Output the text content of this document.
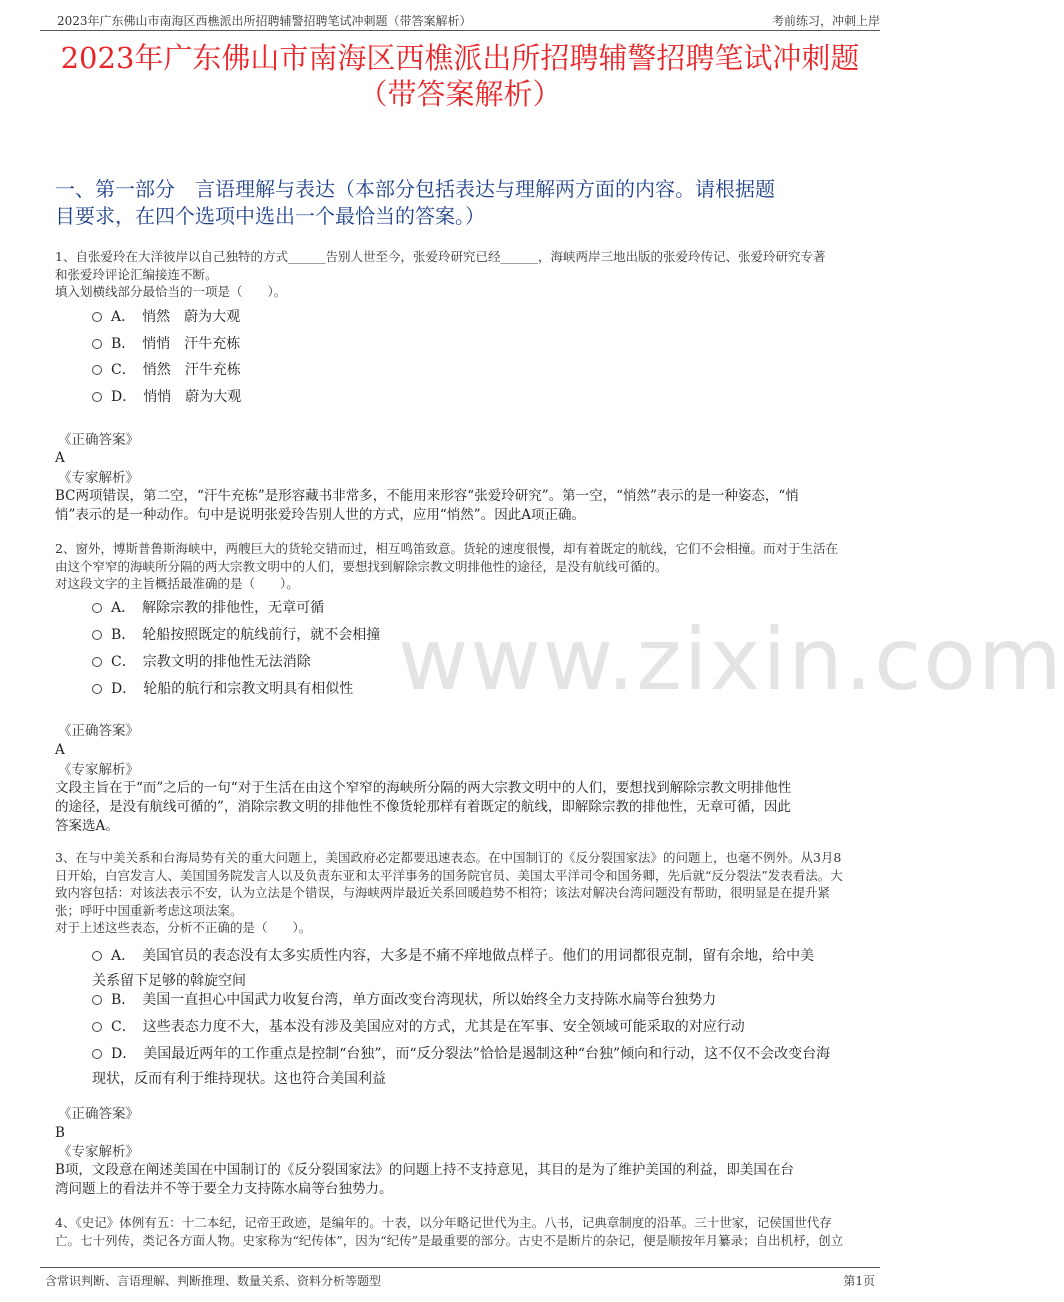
2023年广东佛山市南海区西樵派出所招聘辅警招聘笔试冲刺题（带答案解析）	考前练习，冲刺上岸
2023年广东佛山市南海区西樵派出所招聘辅警招聘笔试冲刺题
（带答案解析）
一、第一部分　言语理解与表达（本部分包括表达与理解两方面的内容。请根据题
目要求，在四个选项中选出一个最恰当的答案。）
www.zixin.com
1、自张爱玲在大洋彼岸以自己独特的方式______告别人世至今，张爱玲研究已经______，海峡两岸三地出版的张爱玲传记、张爱玲研究专著
和张爱玲评论汇编接连不断。
填入划横线部分最恰当的一项是（　　）。
A．　悄然　蔚为大观
B．　悄悄　汗牛充栋
C．　悄然　汗牛充栋
D．　悄悄　蔚为大观
《正确答案》
A
《专家解析》
BC两项错误，第二空，“汗牛充栋”是形容藏书非常多，不能用来形容“张爱玲研究”。第一空，“悄然”表示的是一种姿态，“悄
悄”表示的是一种动作。句中是说明张爱玲告别人世的方式，应用“悄然”。因此A项正确。
2、窗外，博斯普鲁斯海峡中，两艘巨大的货轮交错而过，相互鸣笛致意。货轮的速度很慢，却有着既定的航线，它们不会相撞。而对于生活在
由这个窄窄的海峡所分隔的两大宗教文明中的人们，要想找到解除宗教文明排他性的途径，是没有航线可循的。
对这段文字的主旨概括最准确的是（　　）。
A．　解除宗教的排他性，无章可循
B．　轮船按照既定的航线前行，就不会相撞
C．　宗教文明的排他性无法消除
D．　轮船的航行和宗教文明具有相似性
《正确答案》
A
《专家解析》
文段主旨在于“而”之后的一句“对于生活在由这个窄窄的海峡所分隔的两大宗教文明中的人们，要想找到解除宗教文明排他性
的途径，是没有航线可循的”，消除宗教文明的排他性不像货轮那样有着既定的航线，即解除宗教的排他性，无章可循，因此
答案选A。
3、在与中美关系和台海局势有关的重大问题上，美国政府必定都要迅速表态。在中国制订的《反分裂国家法》的问题上，也毫不例外。从3月8
日开始，白宫发言人、美国国务院发言人以及负责东亚和太平洋事务的国务院官员、美国太平洋司令和国务卿，先后就“反分裂法”发表看法。大
致内容包括：对该法表示不安，认为立法是个错误，与海峡两岸最近关系回暖趋势不相符；该法对解决台湾问题没有帮助，很明显是在提升紧
张；呼吁中国重新考虑这项法案。
对于上述这些表态，分析不正确的是（　　）。
A．　美国官员的表态没有太多实质性内容，大多是不痛不痒地做点样子。他们的用词都很克制，留有余地，给中美
关系留下足够的斡旋空间
B．　美国一直担心中国武力收复台湾，单方面改变台湾现状，所以始终全力支持陈水扁等台独势力
C．　这些表态力度不大，基本没有涉及美国应对的方式，尤其是在军事、安全领域可能采取的对应行动
D．　美国最近两年的工作重点是控制“台独”，而“反分裂法”恰恰是遏制这种“台独”倾向和行动，这不仅不会改变台海
现状，反而有利于维持现状。这也符合美国利益
《正确答案》
B
《专家解析》
B项，文段意在阐述美国在中国制订的《反分裂国家法》的问题上持不支持意见，其目的是为了维护美国的利益，即美国在台
湾问题上的看法并不等于要全力支持陈水扁等台独势力。
4、《史记》体例有五：十二本纪，记帝王政迹，是编年的。十表，以分年略记世代为主。八书，记典章制度的沿革。三十世家，记侯国世代存
亡。七十列传，类记各方面人物。史家称为“纪传体”，因为“纪传”是最重要的部分。古史不是断片的杂记，便是顺按年月纂录；自出机杼，创立
含常识判断、言语理解、判断推理、数量关系、资料分析等题型	第1页
